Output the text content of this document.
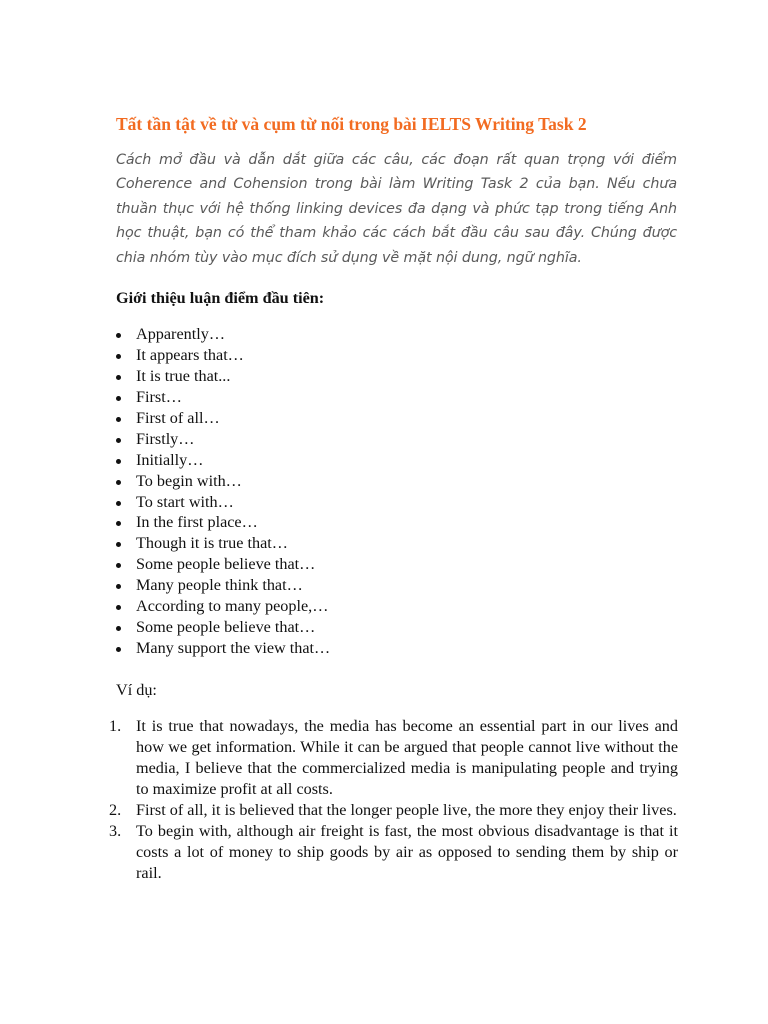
Tất tần tật về từ và cụm từ nối trong bài IELTS Writing Task 2

Cách mở đầu và dẫn dắt giữa các câu, các đoạn rất quan trọng với điểm Coherence and Cohension trong bài làm Writing Task 2 của bạn. Nếu chưa thuần thục với hệ thống linking devices đa dạng và phức tạp trong tiếng Anh học thuật, bạn có thể tham khảo các cách bắt đầu câu sau đây. Chúng được chia nhóm tùy vào mục đích sử dụng về mặt nội dung, ngữ nghĩa.

Giới thiệu luận điểm đầu tiên:
Apparently…
It appears that…
It is true that...
First…
First of all…
Firstly…
Initially…
To begin with…
To start with…
In the first place…
Though it is true that…
Some people believe that…
Many people think that…
According to many people,…
Some people believe that…
Many support the view that…

Ví dụ:

1. It is true that nowadays, the media has become an essential part in our lives and how we get information. While it can be argued that people cannot live without the media, I believe that the commercialized media is manipulating people and trying to maximize profit at all costs.
2. First of all, it is believed that the longer people live, the more they enjoy their lives.
3. To begin with, although air freight is fast, the most obvious disadvantage is that it costs a lot of money to ship goods by air as opposed to sending them by ship or rail.
